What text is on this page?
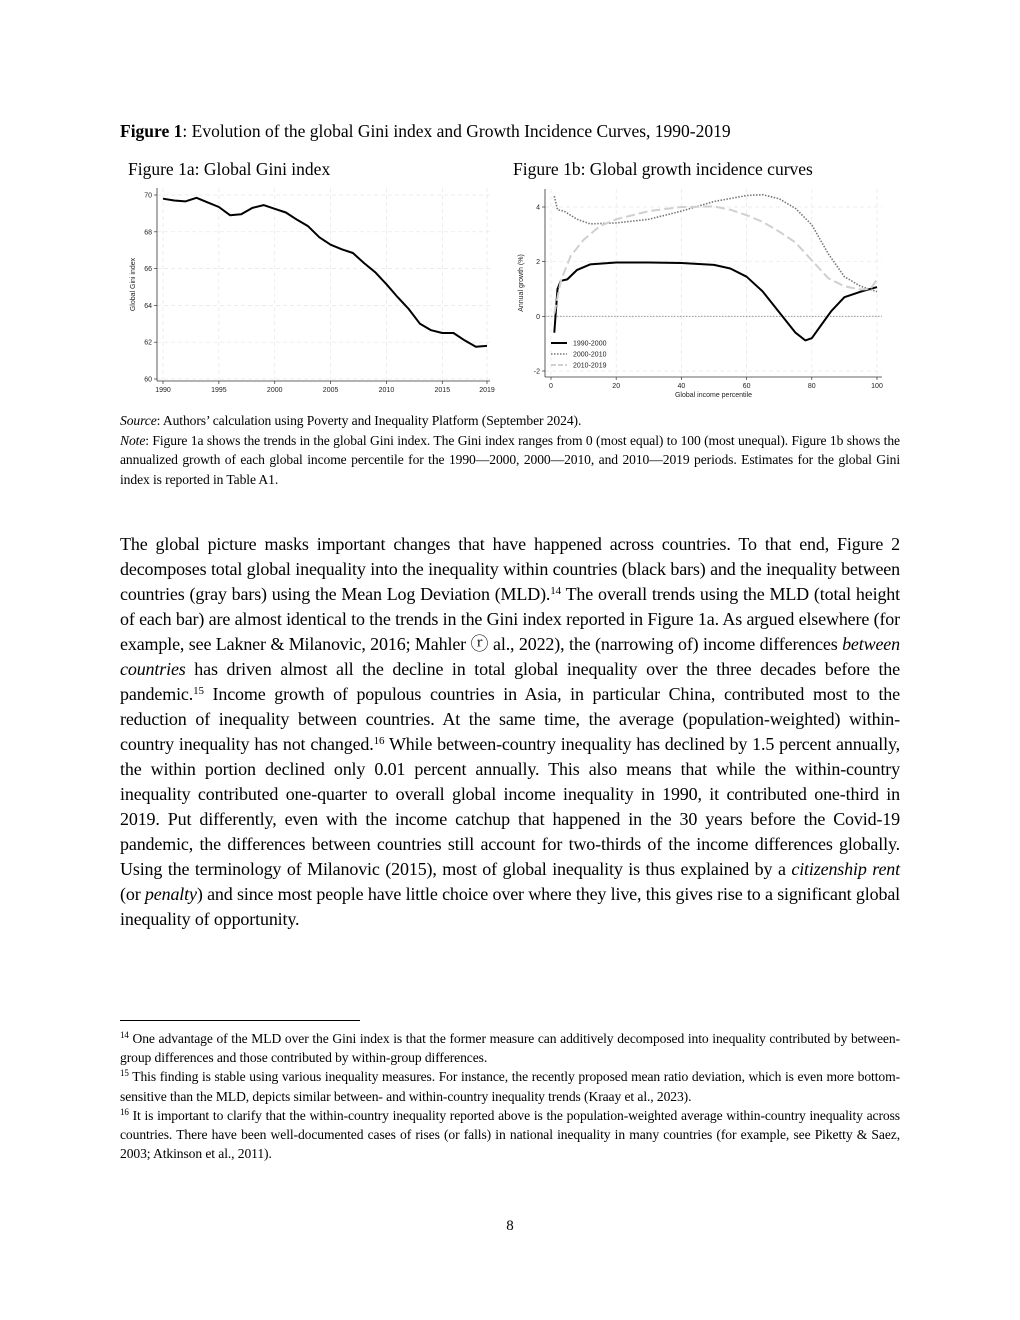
Figure 1: Evolution of the global Gini index and Growth Incidence Curves, 1990-2019
Figure 1a: Global Gini index	Figure 1b: Global growth incidence curves
60
62
64
66
68
70
1990	1995	2000	2005	2010	2015	2019
Global Gini index
-2
0
2
4
0	20	40	60	80	100
Annual growth (%)
Global income percentile
1990-2000
2000-2010
2010-2019
Source: Authors’ calculation using Poverty and Inequality Platform (September 2024).
Note: Figure 1a shows the trends in the global Gini index. The Gini index ranges from 0 (most equal) to 100 (most unequal). Figure 1b shows the annualized growth of each global income percentile for the 1990—2000, 2000—2010, and 2010—2019 periods. Estimates for the global Gini index is reported in Table A1.
The global picture masks important changes that have happened across countries. To that end, Figure 2 decomposes total global inequality into the inequality within countries (black bars) and the inequality between countries (gray bars) using the Mean Log Deviation (MLD).$^{14}$ The overall trends using the MLD (total height of each bar) are almost identical to the trends in the Gini index reported in Figure 1a. As argued elsewhere (for example, see Lakner & Milanovic, 2016; Mahler ⓡ al., 2022), the (narrowing of) income differences between countries has driven almost all the decline in total global inequality over the three decades before the pandemic.$^{15}$ Income growth of populous countries in Asia, in particular China, contributed most to the reduction of inequality between countries. At the same time, the average (population-weighted) within-country inequality has not changed.$^{16}$ While between-country inequality has declined by 1.5 percent annually, the within portion declined only 0.01 percent annually. This also means that while the within-country inequality contributed one-quarter to overall global income inequality in 1990, it contributed one-third in 2019. Put differently, even with the income catchup that happened in the 30 years before the Covid-19 pandemic, the differences between countries still account for two-thirds of the income differences globally. Using the terminology of Milanovic (2015), most of global inequality is thus explained by a citizenship rent (or penalty) and since most people have little choice over where they live, this gives rise to a significant global inequality of opportunity.
$^{14}$ One advantage of the MLD over the Gini index is that the former measure can additively decomposed into inequality contributed by between-group differences and those contributed by within-group differences.
$^{15}$ This finding is stable using various inequality measures. For instance, the recently proposed mean ratio deviation, which is even more bottom-sensitive than the MLD, depicts similar between- and within-country inequality trends (Kraay et al., 2023).
$^{16}$ It is important to clarify that the within-country inequality reported above is the population-weighted average within-country inequality across countries. There have been well-documented cases of rises (or falls) in national inequality in many countries (for example, see Piketty & Saez, 2003; Atkinson et al., 2011).
8
